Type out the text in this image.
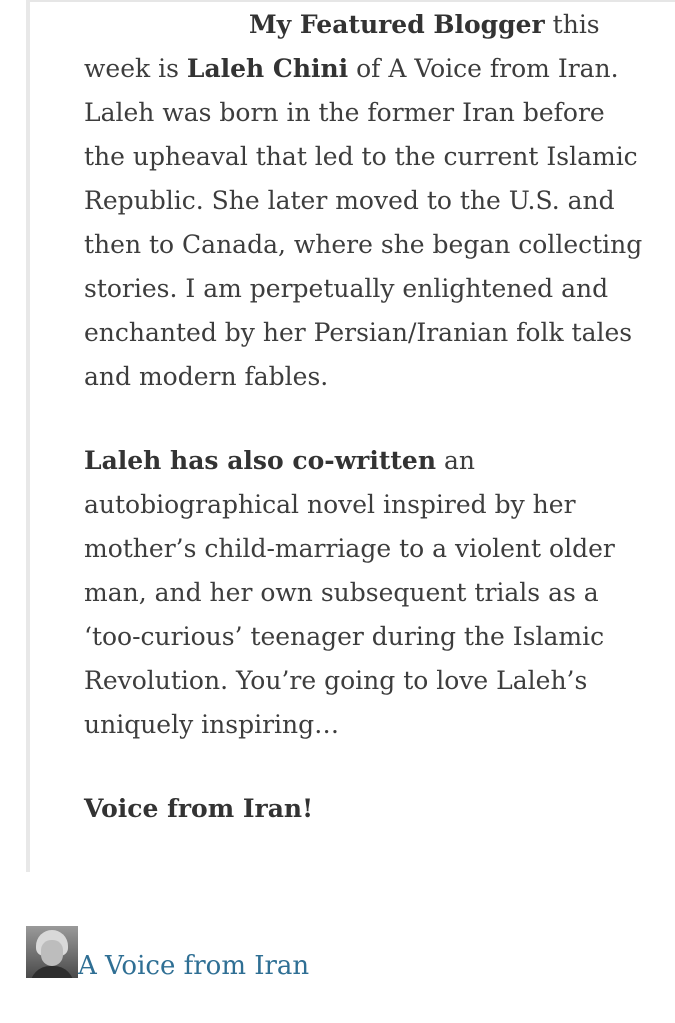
My Featured Blogger this week is Laleh Chini of A Voice from Iran. Laleh was born in the former Iran before the upheaval that led to the current Islamic Republic. She later moved to the U.S. and then to Canada, where she began collecting stories. I am perpetually enlightened and enchanted by her Persian/Iranian folk tales and modern fables.

Laleh has also co-written an autobiographical novel inspired by her mother’s child-marriage to a violent older man, and her own subsequent trials as a ‘too-curious’ teenager during the Islamic Revolution. You’re going to love Laleh’s uniquely inspiring…

Voice from Iran!

A Voice from Iran
